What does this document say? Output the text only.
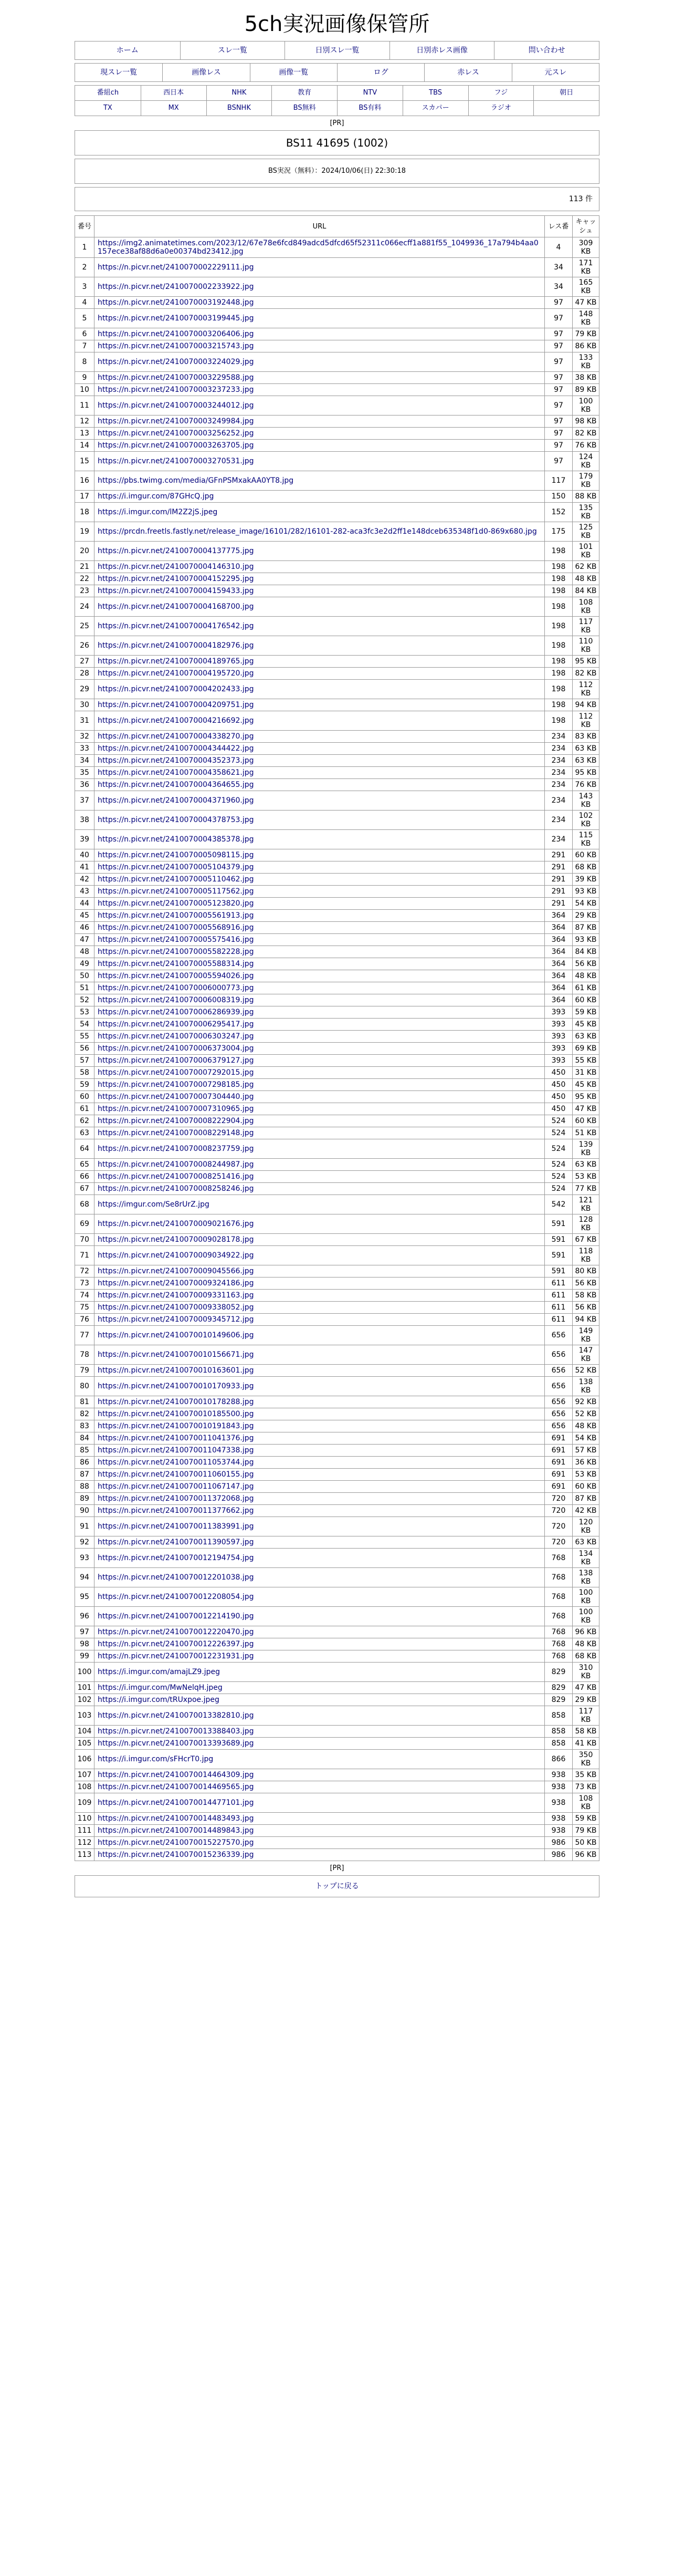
5ch実況画像保管所
ホーム	スレ一覧	日別スレ一覧	日別赤レス画像	問い合わせ
現スレ一覧	画像レス	画像一覧	ログ	赤レス	元スレ
番組ch	西日本	NHK	教育	NTV	TBS	フジ	朝日
TX	MX	BSNHK	BS無料	BS有料	スカパー	ラジオ
[PR]
BS11 41695 (1002)
BS実況（無料）：2024/10/06(日) 22:30:18
113 件
番号	URL	レス番	キャッシュ
1	https://img2.animatetimes.com/2023/12/67e78e6fcd849adcd5dfcd65f52311c066ecff1a881f55_1049936_17a794b4aa0157ece38af88d6a0e00374bd23412.jpg	4	309 KB
2	https://n.picvr.net/2410070002229111.jpg	34	171 KB
3	https://n.picvr.net/2410070002233922.jpg	34	165 KB
4	https://n.picvr.net/2410070003192448.jpg	97	47 KB
5	https://n.picvr.net/2410070003199445.jpg	97	148 KB
6	https://n.picvr.net/2410070003206406.jpg	97	79 KB
7	https://n.picvr.net/2410070003215743.jpg	97	86 KB
8	https://n.picvr.net/2410070003224029.jpg	97	133 KB
9	https://n.picvr.net/2410070003229588.jpg	97	38 KB
10	https://n.picvr.net/2410070003237233.jpg	97	89 KB
11	https://n.picvr.net/2410070003244012.jpg	97	100 KB
12	https://n.picvr.net/2410070003249984.jpg	97	98 KB
13	https://n.picvr.net/2410070003256252.jpg	97	82 KB
14	https://n.picvr.net/2410070003263705.jpg	97	76 KB
15	https://n.picvr.net/2410070003270531.jpg	97	124 KB
16	https://pbs.twimg.com/media/GFnPSMxakAA0YT8.jpg	117	179 KB
17	https://i.imgur.com/87GHcQ.jpg	150	88 KB
18	https://i.imgur.com/lM2Z2jS.jpeg	152	135 KB
19	https://prcdn.freetls.fastly.net/release_image/16101/282/16101-282-aca3fc3e2d2ff1e148dceb635348f1d0-869x680.jpg	175	125 KB
20	https://n.picvr.net/2410070004137775.jpg	198	101 KB
21	https://n.picvr.net/2410070004146310.jpg	198	62 KB
22	https://n.picvr.net/2410070004152295.jpg	198	48 KB
23	https://n.picvr.net/2410070004159433.jpg	198	84 KB
24	https://n.picvr.net/2410070004168700.jpg	198	108 KB
25	https://n.picvr.net/2410070004176542.jpg	198	117 KB
26	https://n.picvr.net/2410070004182976.jpg	198	110 KB
27	https://n.picvr.net/2410070004189765.jpg	198	95 KB
28	https://n.picvr.net/2410070004195720.jpg	198	82 KB
29	https://n.picvr.net/2410070004202433.jpg	198	112 KB
30	https://n.picvr.net/2410070004209751.jpg	198	94 KB
31	https://n.picvr.net/2410070004216692.jpg	198	112 KB
32	https://n.picvr.net/2410070004338270.jpg	234	83 KB
33	https://n.picvr.net/2410070004344422.jpg	234	63 KB
34	https://n.picvr.net/2410070004352373.jpg	234	63 KB
35	https://n.picvr.net/2410070004358621.jpg	234	95 KB
36	https://n.picvr.net/2410070004364655.jpg	234	76 KB
37	https://n.picvr.net/2410070004371960.jpg	234	143 KB
38	https://n.picvr.net/2410070004378753.jpg	234	102 KB
39	https://n.picvr.net/2410070004385378.jpg	234	115 KB
40	https://n.picvr.net/2410070005098115.jpg	291	60 KB
41	https://n.picvr.net/2410070005104379.jpg	291	68 KB
42	https://n.picvr.net/2410070005110462.jpg	291	39 KB
43	https://n.picvr.net/2410070005117562.jpg	291	93 KB
44	https://n.picvr.net/2410070005123820.jpg	291	54 KB
45	https://n.picvr.net/2410070005561913.jpg	364	29 KB
46	https://n.picvr.net/2410070005568916.jpg	364	87 KB
47	https://n.picvr.net/2410070005575416.jpg	364	93 KB
48	https://n.picvr.net/2410070005582228.jpg	364	84 KB
49	https://n.picvr.net/2410070005588314.jpg	364	56 KB
50	https://n.picvr.net/2410070005594026.jpg	364	48 KB
51	https://n.picvr.net/2410070006000773.jpg	364	61 KB
52	https://n.picvr.net/2410070006008319.jpg	364	60 KB
53	https://n.picvr.net/2410070006286939.jpg	393	59 KB
54	https://n.picvr.net/2410070006295417.jpg	393	45 KB
55	https://n.picvr.net/2410070006303247.jpg	393	63 KB
56	https://n.picvr.net/2410070006373004.jpg	393	69 KB
57	https://n.picvr.net/2410070006379127.jpg	393	55 KB
58	https://n.picvr.net/2410070007292015.jpg	450	31 KB
59	https://n.picvr.net/2410070007298185.jpg	450	45 KB
60	https://n.picvr.net/2410070007304440.jpg	450	95 KB
61	https://n.picvr.net/2410070007310965.jpg	450	47 KB
62	https://n.picvr.net/2410070008222904.jpg	524	60 KB
63	https://n.picvr.net/2410070008229148.jpg	524	51 KB
64	https://n.picvr.net/2410070008237759.jpg	524	139 KB
65	https://n.picvr.net/2410070008244987.jpg	524	63 KB
66	https://n.picvr.net/2410070008251416.jpg	524	53 KB
67	https://n.picvr.net/2410070008258246.jpg	524	77 KB
68	https://imgur.com/Se8rUrZ.jpg	542	121 KB
69	https://n.picvr.net/2410070009021676.jpg	591	128 KB
70	https://n.picvr.net/2410070009028178.jpg	591	67 KB
71	https://n.picvr.net/2410070009034922.jpg	591	118 KB
72	https://n.picvr.net/2410070009045566.jpg	591	80 KB
73	https://n.picvr.net/2410070009324186.jpg	611	56 KB
74	https://n.picvr.net/2410070009331163.jpg	611	58 KB
75	https://n.picvr.net/2410070009338052.jpg	611	56 KB
76	https://n.picvr.net/2410070009345712.jpg	611	94 KB
77	https://n.picvr.net/2410070010149606.jpg	656	149 KB
78	https://n.picvr.net/2410070010156671.jpg	656	147 KB
79	https://n.picvr.net/2410070010163601.jpg	656	52 KB
80	https://n.picvr.net/2410070010170933.jpg	656	138 KB
81	https://n.picvr.net/2410070010178288.jpg	656	92 KB
82	https://n.picvr.net/2410070010185500.jpg	656	52 KB
83	https://n.picvr.net/2410070010191843.jpg	656	48 KB
84	https://n.picvr.net/2410070011041376.jpg	691	54 KB
85	https://n.picvr.net/2410070011047338.jpg	691	57 KB
86	https://n.picvr.net/2410070011053744.jpg	691	36 KB
87	https://n.picvr.net/2410070011060155.jpg	691	53 KB
88	https://n.picvr.net/2410070011067147.jpg	691	60 KB
89	https://n.picvr.net/2410070011372068.jpg	720	87 KB
90	https://n.picvr.net/2410070011377662.jpg	720	42 KB
91	https://n.picvr.net/2410070011383991.jpg	720	120 KB
92	https://n.picvr.net/2410070011390597.jpg	720	63 KB
93	https://n.picvr.net/2410070012194754.jpg	768	134 KB
94	https://n.picvr.net/2410070012201038.jpg	768	138 KB
95	https://n.picvr.net/2410070012208054.jpg	768	100 KB
96	https://n.picvr.net/2410070012214190.jpg	768	100 KB
97	https://n.picvr.net/2410070012220470.jpg	768	96 KB
98	https://n.picvr.net/2410070012226397.jpg	768	48 KB
99	https://n.picvr.net/2410070012231931.jpg	768	68 KB
100	https://i.imgur.com/amajLZ9.jpeg	829	310 KB
101	https://i.imgur.com/MwNelqH.jpeg	829	47 KB
102	https://i.imgur.com/tRUxpoe.jpeg	829	29 KB
103	https://n.picvr.net/2410070013382810.jpg	858	117 KB
104	https://n.picvr.net/2410070013388403.jpg	858	58 KB
105	https://n.picvr.net/2410070013393689.jpg	858	41 KB
106	https://i.imgur.com/sFHcrT0.jpg	866	350 KB
107	https://n.picvr.net/2410070014464309.jpg	938	35 KB
108	https://n.picvr.net/2410070014469565.jpg	938	73 KB
109	https://n.picvr.net/2410070014477101.jpg	938	108 KB
110	https://n.picvr.net/2410070014483493.jpg	938	59 KB
111	https://n.picvr.net/2410070014489843.jpg	938	79 KB
112	https://n.picvr.net/2410070015227570.jpg	986	50 KB
113	https://n.picvr.net/2410070015236339.jpg	986	96 KB
[PR]
トップに戻る
